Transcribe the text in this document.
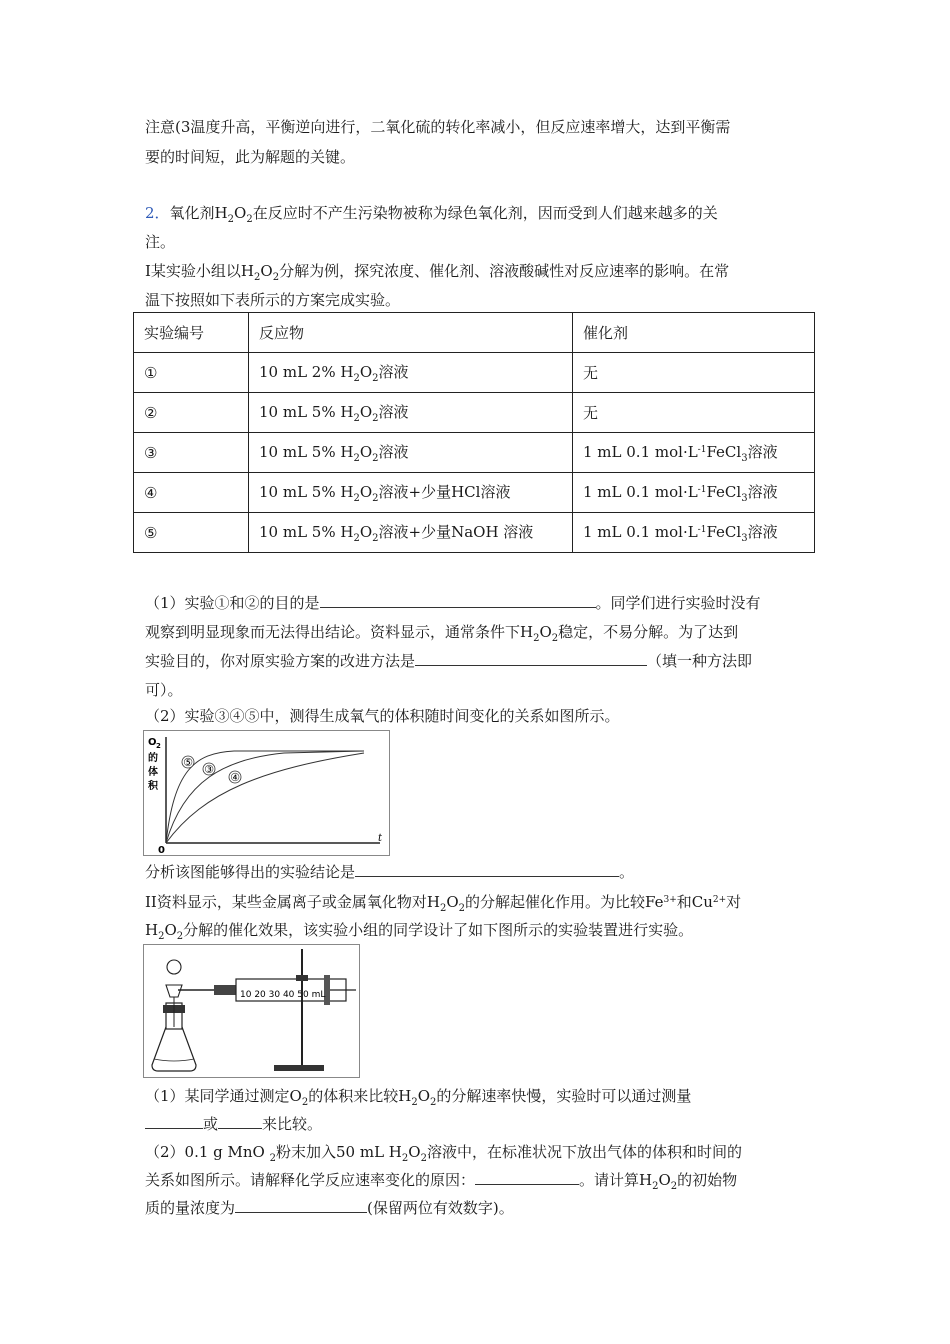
注意(3温度升高，平衡逆向进行，二氧化硫的转化率减小，但反应速率增大，达到平衡需
要的时间短，此为解题的关键。
2．氧化剂$H_2O_2$在反应时不产生污染物被称为绿色氧化剂，因而受到人们越来越多的关
注。
I某实验小组以$H_2O_2$分解为例，探究浓度、催化剂、溶液酸碱性对反应速率的影响。在常
温下按照如下表所示的方案完成实验。
实验编号	反应物	催化剂
①	10 mL 2% $H_2O_2$溶液	无
②	10 mL 5% $H_2O_2$溶液	无
③	10 mL 5% $H_2O_2$溶液	1 mL 0.1 $mol\cdot L^{-1}FeCl_3$溶液
④	10 mL 5% $H_2O_2$溶液+少量HCl溶液	1 mL 0.1 $mol\cdot L^{-1}FeCl_3$溶液
⑤	10 mL 5% $H_2O_2$溶液+少量NaOH 溶液	1 mL 0.1 $mol\cdot L^{-1}FeCl_3$溶液
（1）实验①和②的目的是	。同学们进行实验时没有
观察到明显现象而无法得出结论。资料显示，通常条件下$H_2O_2$稳定，不易分解。为了达到
实验目的，你对原实验方案的改进方法是	（填一种方法即
可）。
（2）实验③④⑤中，测得生成氧气的体积随时间变化的关系如图所示。
⑤
③
④
O 2
的
体
积
0
t
分析该图能够得出的实验结论是	。
II资料显示，某些金属离子或金属氧化物对$H_2O_2$的分解起催化作用。为比较$Fe^{3+}$和$Cu^{2+}$对
$H_2O_2$分解的催化效果，该实验小组的同学设计了如下图所示的实验装置进行实验。
10 20 30 40 50 mL
（1）某同学通过测定$O_2$的体积来比较$H_2O_2$的分解速率快慢，实验时可以通过测量
或	来比较。
（2）0.1 g MnO $_2$粉末加入50 mL $H_2O_2$溶液中，在标准状况下放出气体的体积和时间的
关系如图所示。请解释化学反应速率变化的原因：	。请计算$H_2O_2$的初始物
质的量浓度为	(保留两位有效数字)。
